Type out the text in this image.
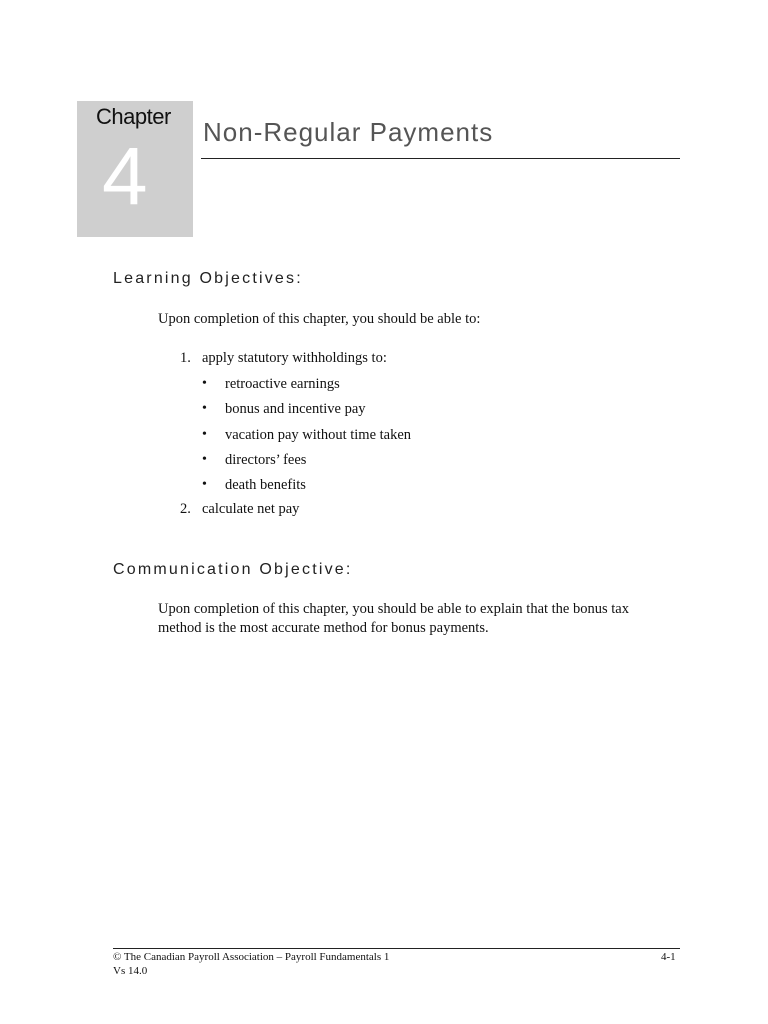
Chapter
4 Non-Regular Payments
Learning Objectives:
Upon completion of this chapter, you should be able to:
1. apply statutory withholdings to:
• retroactive earnings
• bonus and incentive pay
• vacation pay without time taken
• directors’ fees
• death benefits
2. calculate net pay
Communication Objective:
Upon completion of this chapter, you should be able to explain that the bonus tax
method is the most accurate method for bonus payments.
© The Canadian Payroll Association – Payroll Fundamentals 1
Vs 14.0
4-1
